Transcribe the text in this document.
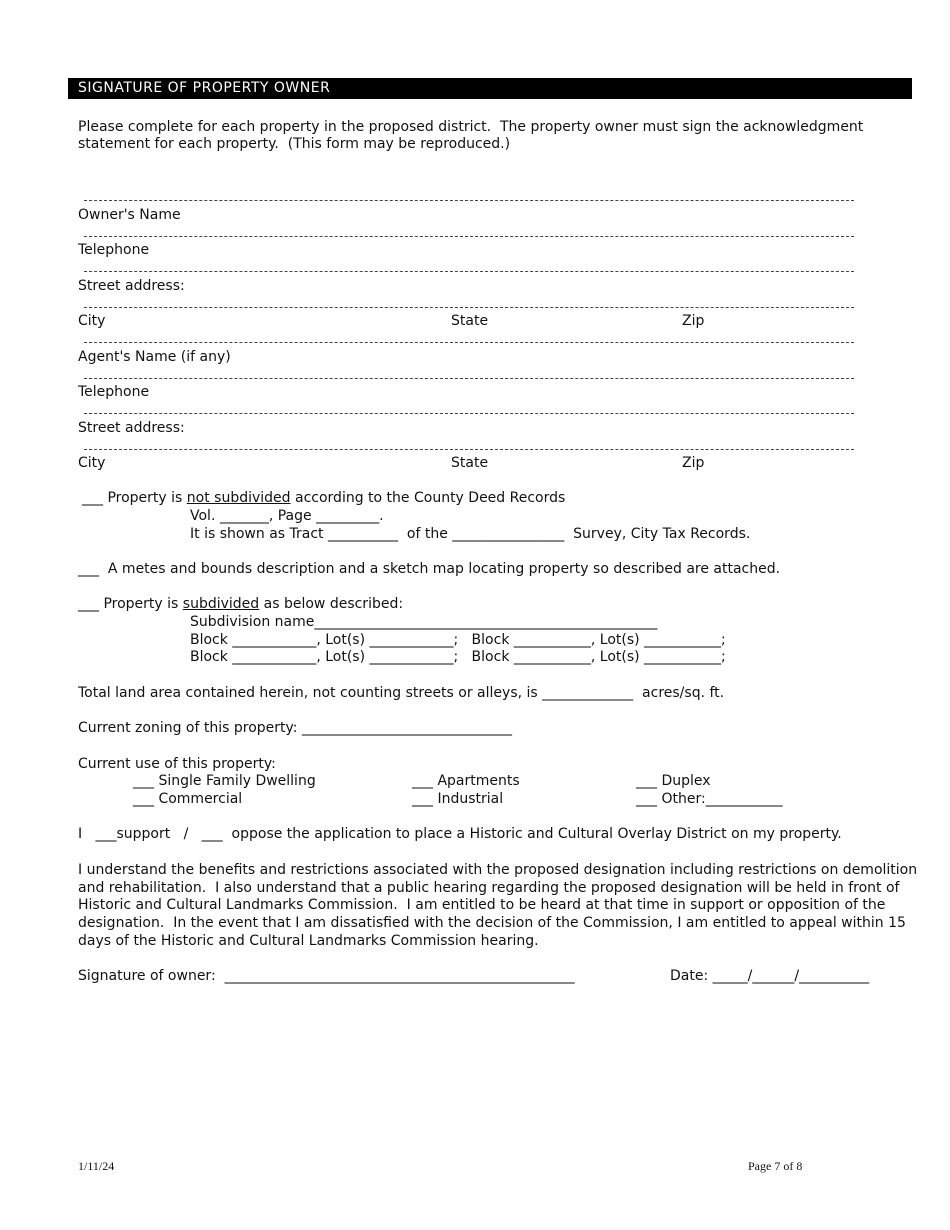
SIGNATURE OF PROPERTY OWNER
Please complete for each property in the proposed district.  The property owner must sign the acknowledgment
statement for each property.  (This form may be reproduced.)
Owner's Name
Telephone
Street address:
City	State	Zip
Agent's Name (if any)
Telephone
Street address:
City	State	Zip
___ Property is not subdivided according to the County Deed Records
Vol. _______, Page _________.
It is shown as Tract __________  of the ________________  Survey, City Tax Records.
___  A metes and bounds description and a sketch map locating property so described are attached.
___ Property is subdivided as below described:
Subdivision name_________________________________________________
Block ____________, Lot(s) ____________;   Block ___________, Lot(s) ___________;
Block ____________, Lot(s) ____________;   Block ___________, Lot(s) ___________;
Total land area contained herein, not counting streets or alleys, is _____________  acres/sq. ft.
Current zoning of this property: ______________________________
Current use of this property:
___ Single Family Dwelling	___ Apartments	___ Duplex
___ Commercial	___ Industrial	___ Other:___________
I   ___support   /   ___  oppose the application to place a Historic and Cultural Overlay District on my property.
I understand the benefits and restrictions associated with the proposed designation including restrictions on demolition
and rehabilitation.  I also understand that a public hearing regarding the proposed designation will be held in front of
Historic and Cultural Landmarks Commission.  I am entitled to be heard at that time in support or opposition of the
designation.  In the event that I am dissatisfied with the decision of the Commission, I am entitled to appeal within 15
days of the Historic and Cultural Landmarks Commission hearing.
Signature of owner:  __________________________________________________	Date: _____/______/__________
1/11/24	Page 7 of 8
